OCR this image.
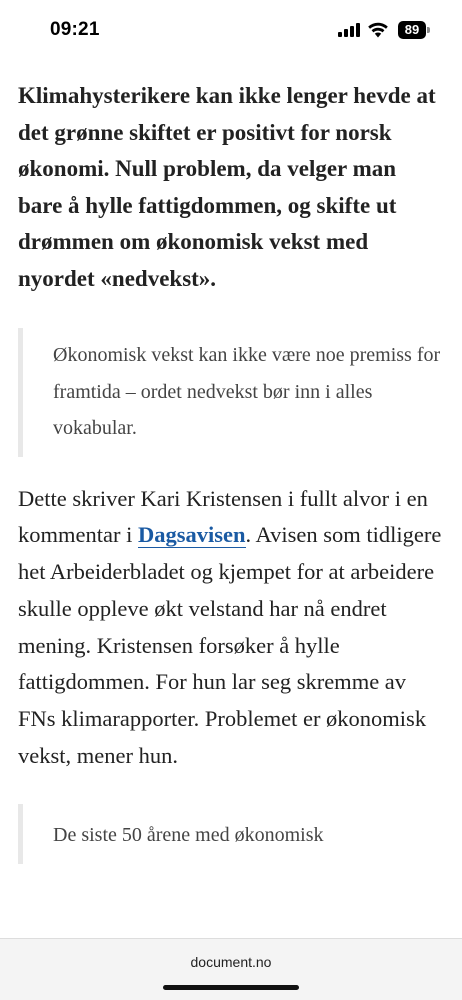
09:21	89

Klimahysterikere kan ikke lenger hevde at det grønne skiftet er positivt for norsk økonomi. Null problem, da velger man bare å hylle fattigdommen, og skifte ut drømmen om økonomisk vekst med nyordet «nedvekst».

Økonomisk vekst kan ikke være noe premiss for framtida – ordet nedvekst bør inn i alles vokabular.

Dette skriver Kari Kristensen i fullt alvor i en kommentar i Dagsavisen. Avisen som tidligere het Arbeiderbladet og kjempet for at arbeidere skulle oppleve økt velstand har nå endret mening. Kristensen forsøker å hylle fattigdommen. For hun lar seg skremme av FNs klimarapporter. Problemet er økonomisk vekst, mener hun.

De siste 50 årene med økonomisk

document.no
